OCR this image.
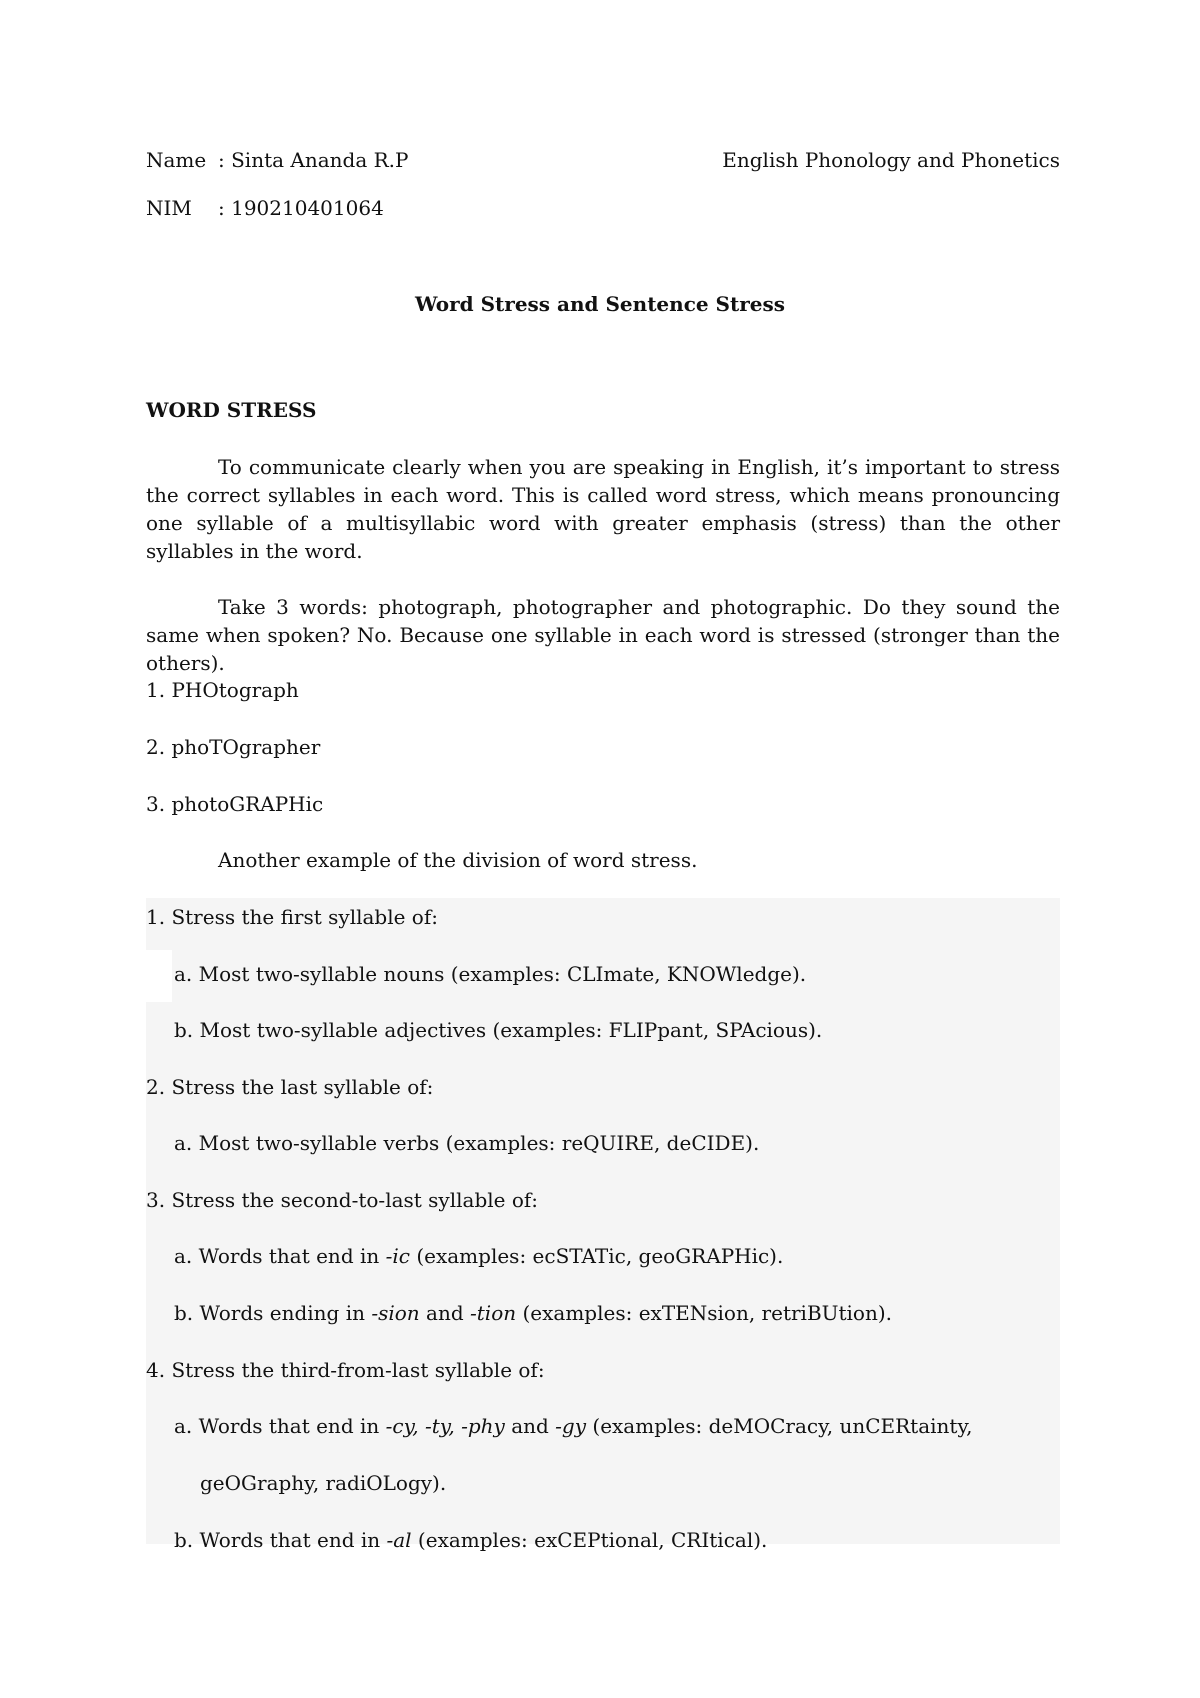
Name : Sinta Ananda R.P	English Phonology and Phonetics
NIM : 190210401064
Word Stress and Sentence Stress
WORD STRESS
To communicate clearly when you are speaking in English, it’s important to stress the correct syllables in each word. This is called word stress, which means pronouncing one syllable of a multisyllabic word with greater emphasis (stress) than the other syllables in the word.
Take 3 words: photograph, photographer and photographic. Do they sound the same when spoken? No. Because one syllable in each word is stressed (stronger than the others).
1. PHOtograph
2. phoTOgrapher
3. photoGRAPHic
Another example of the division of word stress.
1. Stress the first syllable of:
a. Most two-syllable nouns (examples: CLImate, KNOWledge).
b. Most two-syllable adjectives (examples: FLIPpant, SPAcious).
2. Stress the last syllable of:
a. Most two-syllable verbs (examples: reQUIRE, deCIDE).
3. Stress the second-to-last syllable of:
a. Words that end in -ic (examples: ecSTATic, geoGRAPHic).
b. Words ending in -sion and -tion (examples: exTENsion, retriBUtion).
4. Stress the third-from-last syllable of:
a. Words that end in -cy, -ty, -phy and -gy (examples: deMOCracy, unCERtainty,
geOGraphy, radiOLogy).
b. Words that end in -al (examples: exCEPtional, CRItical).
